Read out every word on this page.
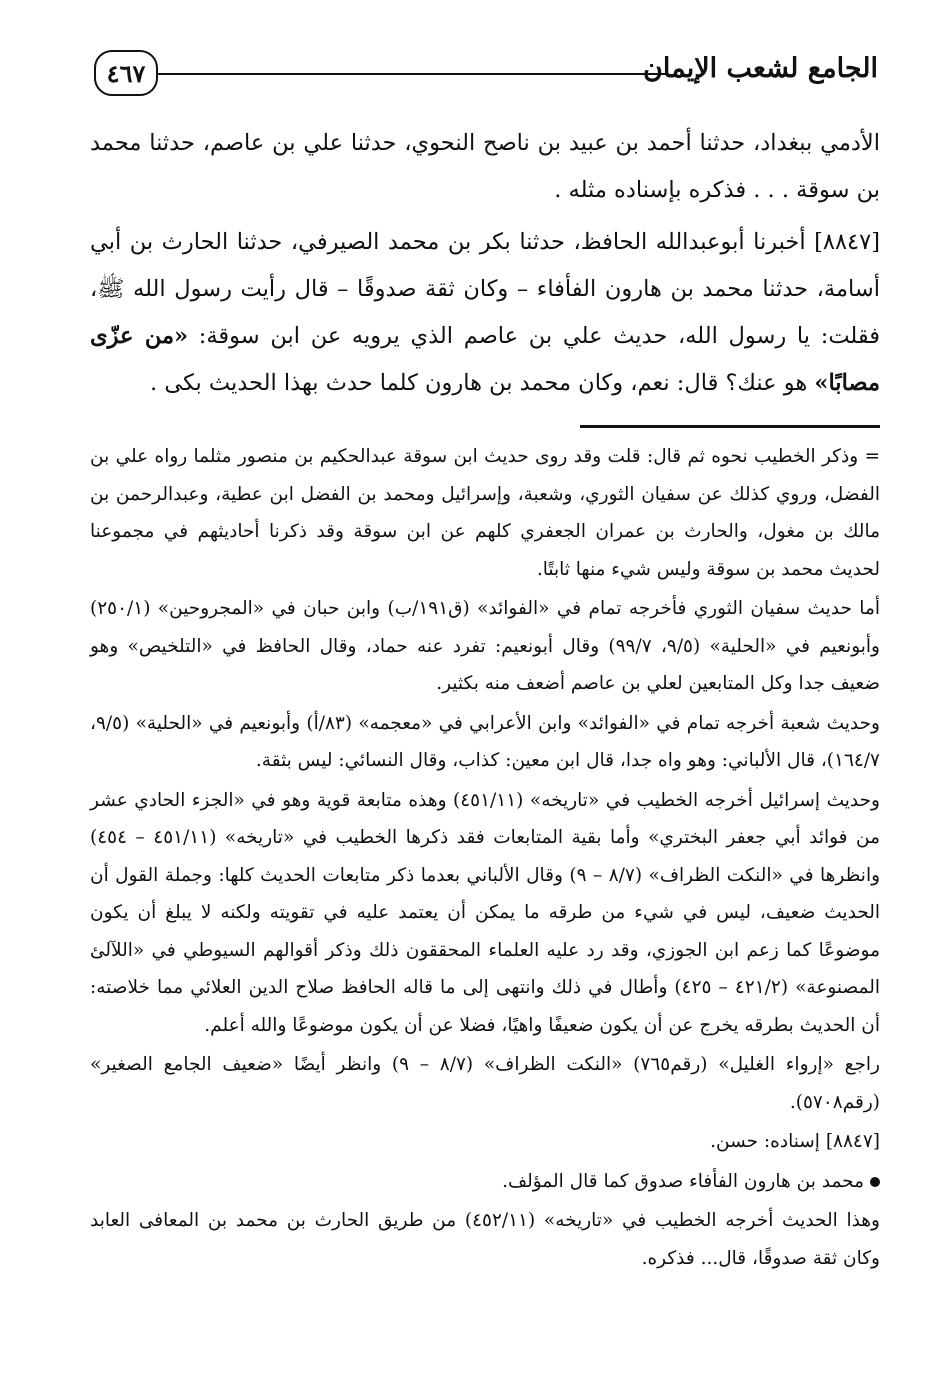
الجامع لشعب الإيمان
٤٦٧

الأدمي ببغداد، حدثنا أحمد بن عبيد بن ناصح النحوي، حدثنا علي بن عاصم، حدثنا محمد بن سوقة . . . فذكره بإسناده مثله .

[٨٨٤٧] أخبرنا أبوعبدالله الحافظ، حدثنا بكر بن محمد الصيرفي، حدثنا الحارث بن أبي أسامة، حدثنا محمد بن هارون الفأفاء – وكان ثقة صدوقًا – قال رأيت رسول الله ﷺ، فقلت: يا رسول الله، حديث علي بن عاصم الذي يرويه عن ابن سوقة: «من عزّى مصابًا» هو عنك؟ قال: نعم، وكان محمد بن هارون كلما حدث بهذا الحديث بكى .

= وذكر الخطيب نحوه ثم قال: قلت وقد روى حديث ابن سوقة عبدالحكيم بن منصور مثلما رواه علي بن الفضل، وروي كذلك عن سفيان الثوري، وشعبة، وإسرائيل ومحمد بن الفضل ابن عطية، وعبدالرحمن بن مالك بن مغول، والحارث بن عمران الجعفري كلهم عن ابن سوقة وقد ذكرنا أحاديثهم في مجموعنا لحديث محمد بن سوقة وليس شيء منها ثابتًا.

أما حديث سفيان الثوري فأخرجه تمام في «الفوائد» (ق١٩١/ب) وابن حبان في «المجروحين» (٢٥٠/١) وأبونعيم في «الحلية» (٩/٥، ٩٩/٧) وقال أبونعيم: تفرد عنه حماد، وقال الحافظ في «التلخيص» وهو ضعيف جدا وكل المتابعين لعلي بن عاصم أضعف منه بكثير.

وحديث شعبة أخرجه تمام في «الفوائد» وابن الأعرابي في «معجمه» (٨٣/أ) وأبونعيم في «الحلية» (٩/٥، ١٦٤/٧)، قال الألباني: وهو واه جدا، قال ابن معين: كذاب، وقال النسائي: ليس بثقة.

وحديث إسرائيل أخرجه الخطيب في «تاريخه» (٤٥١/١١) وهذه متابعة قوية وهو في «الجزء الحادي عشر من فوائد أبي جعفر البختري» وأما بقية المتابعات فقد ذكرها الخطيب في «تاريخه» (٤٥١/١١ – ٤٥٤) وانظرها في «النكت الظراف» (٨/٧ – ٩) وقال الألباني بعدما ذكر متابعات الحديث كلها: وجملة القول أن الحديث ضعيف، ليس في شيء من طرقه ما يمكن أن يعتمد عليه في تقويته ولكنه لا يبلغ أن يكون موضوعًا كما زعم ابن الجوزي، وقد رد عليه العلماء المحققون ذلك وذكر أقوالهم السيوطي في «اللآلئ المصنوعة» (٤٢١/٢ – ٤٢٥) وأطال في ذلك وانتهى إلى ما قاله الحافظ صلاح الدين العلائي مما خلاصته: أن الحديث بطرقه يخرج عن أن يكون ضعيفًا واهيًا، فضلا عن أن يكون موضوعًا والله أعلم.

راجع «إرواء الغليل» (رقم٧٦٥) «النكت الظراف» (٨/٧ – ٩) وانظر أيضًا «ضعيف الجامع الصغير» (رقم٥٧٠٨).

[٨٨٤٧] إسناده: حسن.

محمد بن هارون الفأفاء صدوق كما قال المؤلف.

وهذا الحديث أخرجه الخطيب في «تاريخه» (٤٥٢/١١) من طريق الحارث بن محمد بن المعافى العابد وكان ثقة صدوقًا، قال... فذكره.
